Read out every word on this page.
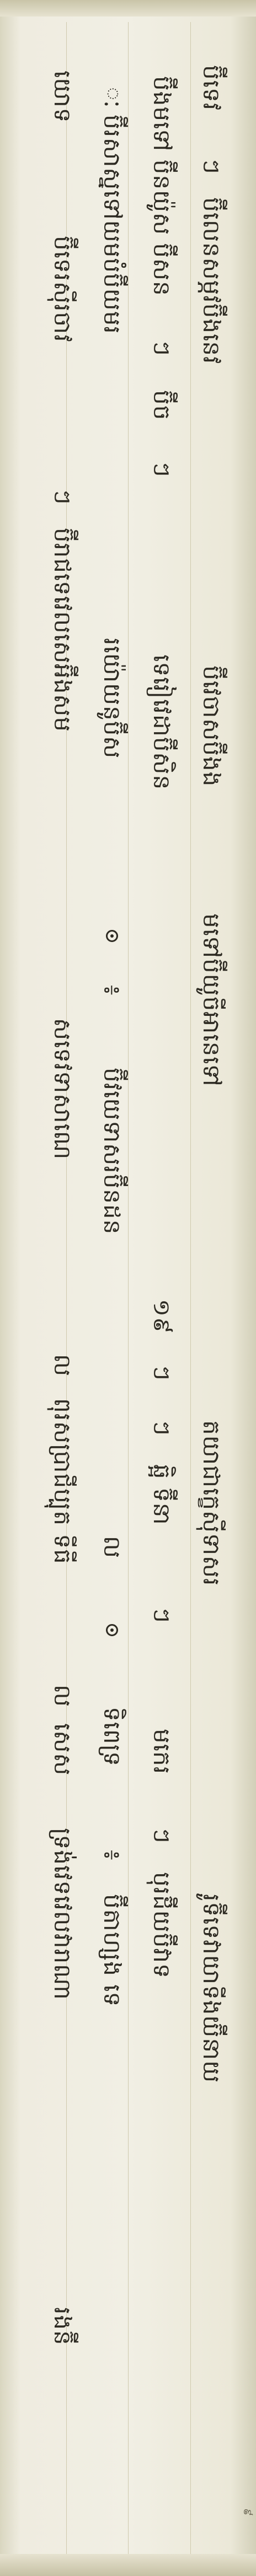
ប៊ីទេវ
ៗ
ប៊ីលេនសម្ភវប៊ីងនេវ
ប៊ីវេចាសប៊ីងង
មទៅប៊ីយូចីអានេទៅ
តយាជាក្ខេស៊ីទាសរ
រូទ៊ីទេវាយាទីងយ៊ីនាយ
ប៊ីងមទៅ ប៊ីនយ៉ូស ប៊ីសន
ៗ
ប៊ីច
ៗ
ទេរៀវេដាប៊ីសិន
១៩
ៗ
ៗ
ឆ្អិ ទ៊ីនា
ៗ
មកេរ
ៗ
បុរដ៊ីយប៊ីវាទ
ៈ
ប៊ីរសាស្នទៅយមបំប៊ីយមរ
រយ៉ោយនូប៊ីស
៖
ប៊ីវយេទាសរប៊ីនដន
ល
ទិពេទ្រ
៖
ប៊ីតាហ្សង ទេ
យោទ
ប៊ីទេរស៊ីរចាវ
ៗ
ប៊ីរាជទេវេលសេអ៊ីងសម
សទេវទាសាណេ
ល
ពុរសប្រាជីប្បុត ទីធី
ល
សេស
ទ្រង់វេទវេលវារាណា
រងន៊ី
៩
